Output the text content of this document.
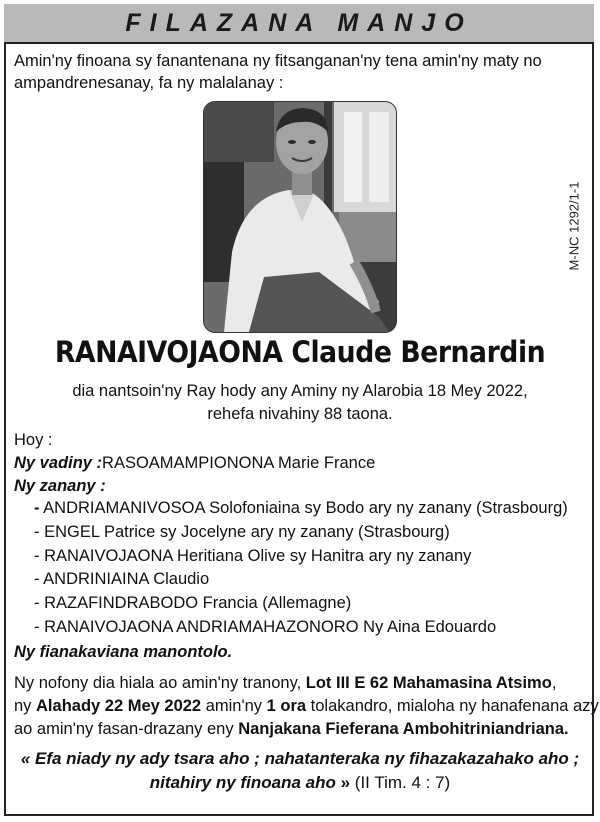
FILAZANA MANJO
Amin'ny finoana sy fanantenana ny fitsanganan'ny tena amin'ny maty no ampandrenesanay, fa ny malalanay :
M-NC 1292/1-1
RANAIVOJAONA Claude Bernardin
dia nantsoin'ny Ray hody any Aminy ny Alarobia 18 Mey 2022,
rehefa nivahiny 88 taona.
Hoy :
Ny vadiny :RASOAMAMPIONONA Marie France
Ny zanany :
- ANDRIAMANIVOSOA Solofoniaina sy Bodo ary ny zanany (Strasbourg)
- ENGEL Patrice sy Jocelyne ary ny zanany (Strasbourg)
- RANAIVOJAONA Heritiana Olive sy Hanitra ary ny zanany
- ANDRINIAINA Claudio
- RAZAFINDRABODO Francia (Allemagne)
- RANAIVOJAONA ANDRIAMAHAZONORO Ny Aina Edouardo
Ny fianakaviana manontolo.
Ny nofony dia hiala ao amin'ny tranony, Lot III E 62 Mahamasina Atsimo,
ny Alahady 22 Mey 2022 amin'ny 1 ora tolakandro, mialoha ny hanafenana azy
ao amin'ny fasan-drazany eny Nanjakana Fieferana Ambohitriniandriana.
« Efa niady ny ady tsara aho ; nahatanteraka ny fihazakazahako aho ;
nitahiry ny finoana aho » (II Tim. 4 : 7)
